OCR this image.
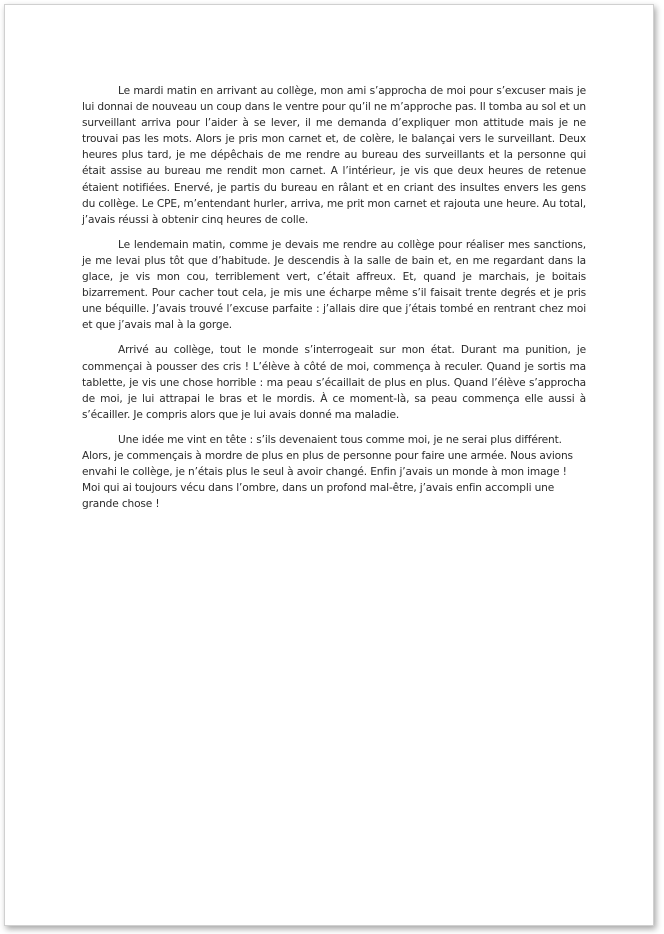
Le mardi matin en arrivant au collège, mon ami s’approcha de moi pour s’excuser mais je lui donnai de nouveau un coup dans le ventre pour qu’il ne m’approche pas. Il tomba au sol et un surveillant arriva pour l’aider à se lever, il me demanda d’expliquer mon attitude mais je ne trouvai pas les mots. Alors je pris mon carnet et, de colère, le balançai vers le surveillant. Deux heures plus tard, je me dépêchais de me rendre au bureau des surveillants et la personne qui était assise au bureau me rendit mon carnet. A l’intérieur, je vis que deux heures de retenue étaient notifiées. Enervé, je partis du bureau en râlant et en criant des insultes envers les gens du collège. Le CPE, m’entendant hurler, arriva, me prit mon carnet et rajouta une heure. Au total, j’avais réussi à obtenir cinq heures de colle.

Le lendemain matin, comme je devais me rendre au collège pour réaliser mes sanctions, je me levai plus tôt que d’habitude. Je descendis à la salle de bain et, en me regardant dans la glace, je vis mon cou, terriblement vert, c’était affreux. Et, quand je marchais, je boitais bizarrement. Pour cacher tout cela, je mis une écharpe même s’il faisait trente degrés et je pris une béquille. J’avais trouvé l’excuse parfaite : j’allais dire que j’étais tombé en rentrant chez moi et que j’avais mal à la gorge.

Arrivé au collège, tout le monde s’interrogeait sur mon état. Durant ma punition, je commençai à pousser des cris ! L’élève à côté de moi, commença à reculer. Quand je sortis ma tablette, je vis une chose horrible : ma peau s’écaillait de plus en plus. Quand l’élève s’approcha de moi, je lui attrapai le bras et le mordis. À ce moment-là, sa peau commença elle aussi à s’écailler. Je compris alors que je lui avais donné ma maladie.

Une idée me vint en tête : s’ils devenaient tous comme moi, je ne serai plus différent. Alors, je commençais à mordre de plus en plus de personne pour faire une armée. Nous avions envahi le collège, je n’étais plus le seul à avoir changé. Enfin j’avais un monde à mon image ! Moi qui ai toujours vécu dans l’ombre, dans un profond mal-être, j’avais enfin accompli une grande chose !
